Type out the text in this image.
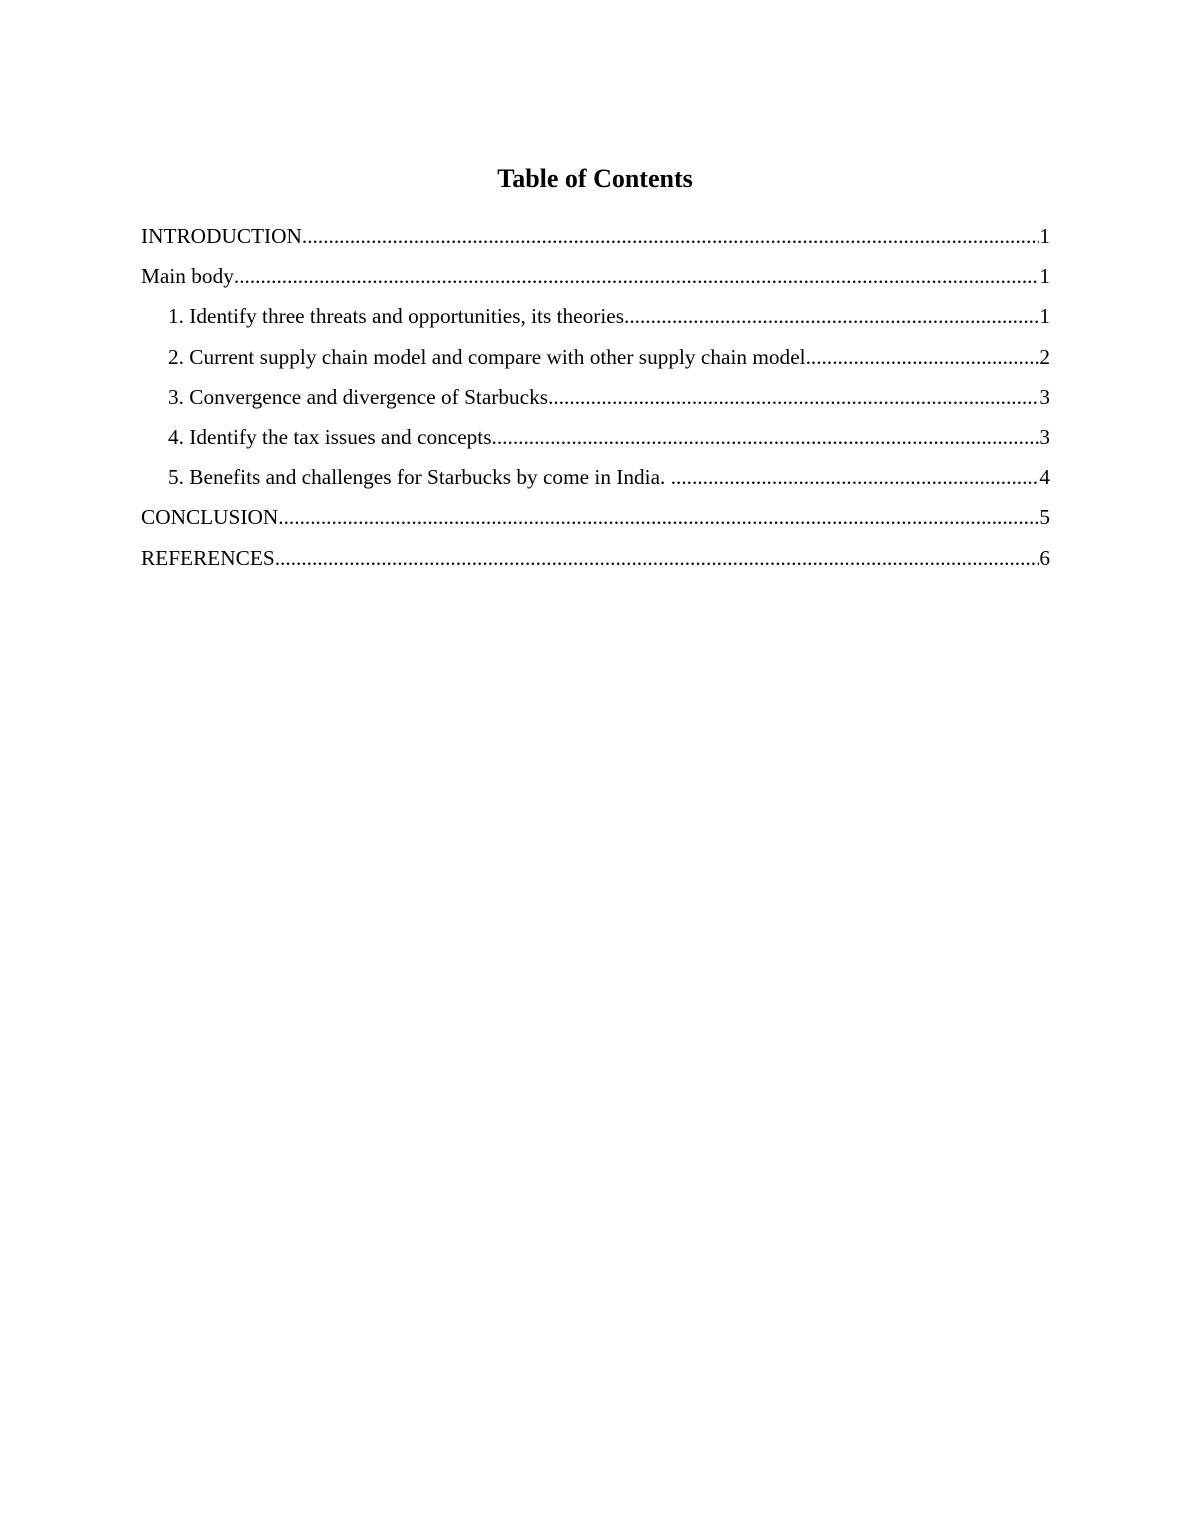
Table of Contents
INTRODUCTION .....	1
Main body .....	1
1. Identify three threats and opportunities, its theories .....	1
2. Current supply chain model and compare with other supply chain model .....	2
3. Convergence and divergence of Starbucks .....	3
4. Identify the tax issues and concepts .....	3
5. Benefits and challenges for Starbucks by come in India. .....	4
CONCLUSION .....	5
REFERENCES .....	6
